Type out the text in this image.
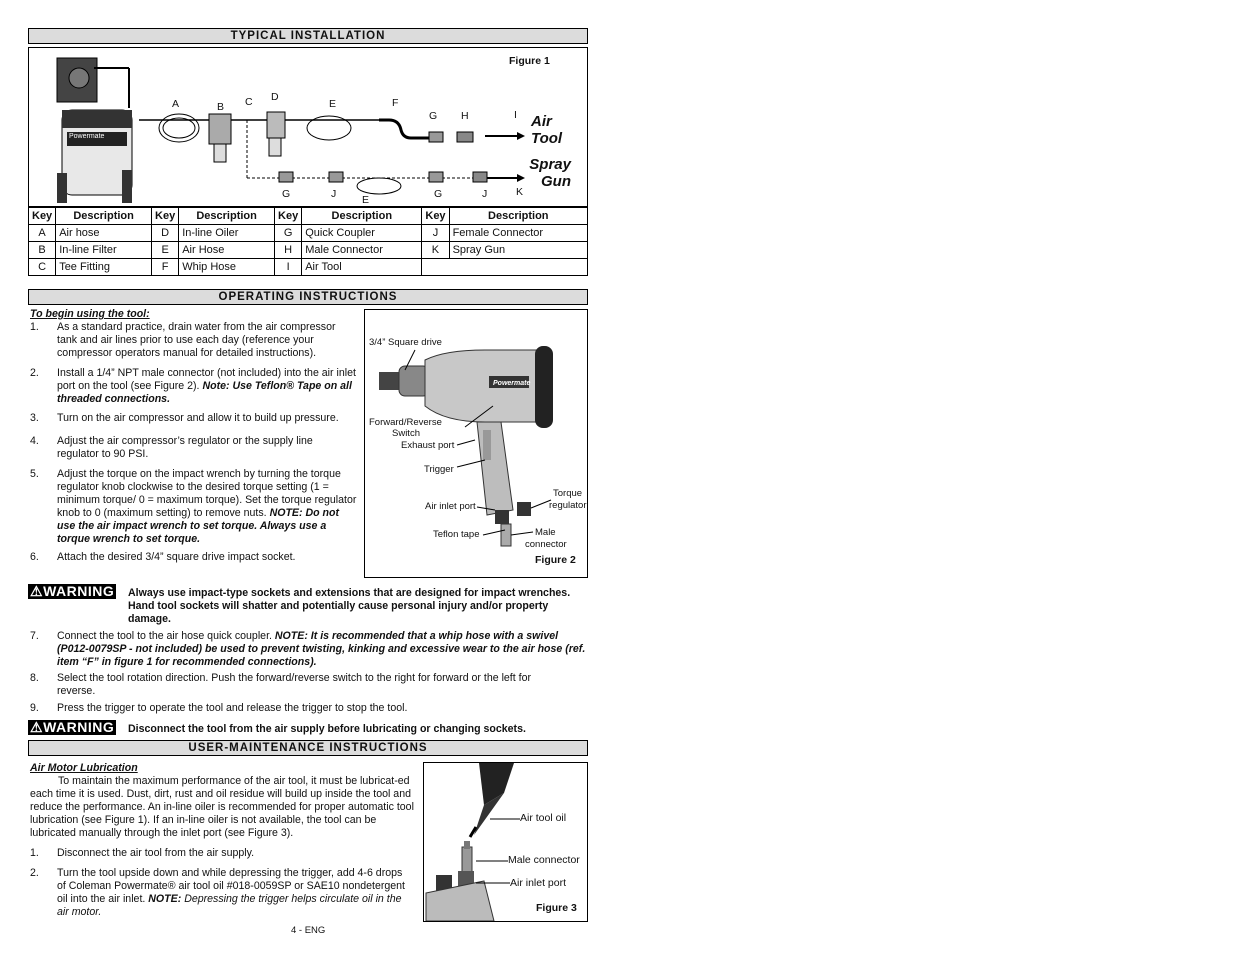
TYPICAL INSTALLATION
Powermate
Figure 1
A	B C D
E	F
G H	I Air Tool
Spray Gun
G	J E	G	J	K
Key	Description	Key	Description	Key	Description	Key	Description
A	Air hose	D	In-line Oiler	G	Quick Coupler	J	Female Connector
B	In-line Filter	E	Air Hose	H	Male Connector	K	Spray Gun
C	Tee Fitting	F	Whip Hose	I	Air Tool		
OPERATING INSTRUCTIONS
To begin using the tool:
1. As a standard practice, drain water from the air compressor tank and air lines prior to use each day (reference your compressor operators manual for detailed instructions).
2. Install a 1/4” NPT male connector (not included) into the air inlet port on the tool (see Figure 2). Note: Use Teflon® Tape on all threaded connections.
3. Turn on the air compressor and allow it to build up pressure.
4. Adjust the air compressor’s regulator or the supply line regulator to 90 PSI.
5. Adjust the torque on the impact wrench by turning the torque regulator knob clockwise to the desired torque setting (1 = minimum torque/ 0 = maximum torque). Set the torque regulator knob to 0 (maximum setting) to remove nuts. NOTE: Do not use the air impact wrench to set torque. Always use a torque wrench to set torque.
6. Attach the desired 3/4” square drive impact socket.
Powermate
3/4” Square drive
Forward/Reverse
Switch
Exhaust port
Trigger
Torque
regulator
Air inlet port
Teflon tape	Male
connector
Figure 2
⚠WARNING Always use impact-type sockets and extensions that are designed for impact wrenches. Hand tool sockets will shatter and potentially cause personal injury and/or property damage.
7. Connect the tool to the air hose quick coupler. NOTE: It is recommended that a whip hose with a swivel (P012-0079SP - not included) be used to prevent twisting, kinking and excessive wear to the air hose (ref. item “F” in figure 1 for recommended connections).
8. Select the tool rotation direction. Push the forward/reverse switch to the right for forward or the left for reverse.
9. Press the trigger to operate the tool and release the trigger to stop the tool.
⚠WARNING Disconnect the tool from the air supply before lubricating or changing sockets.
USER-MAINTENANCE INSTRUCTIONS
Air Motor Lubrication
To maintain the maximum performance of the air tool, it must be lubricat-ed each time it is used. Dust, dirt, rust and oil residue will build up inside the tool and reduce the performance. An in-line oiler is recommended for proper automatic tool lubrication (see Figure 1). If an in-line oiler is not available, the tool can be lubricated manually through the inlet port (see Figure 3).
1. Disconnect the air tool from the air supply.
2. Turn the tool upside down and while depressing the trigger, add 4-6 drops of Coleman Powermate® air tool oil #018-0059SP or SAE10 nondetergent oil into the air inlet. NOTE: Depressing the trigger helps circulate oil in the air motor.
Air tool oil
Male connector
Air inlet port
Figure 3
4 - ENG
